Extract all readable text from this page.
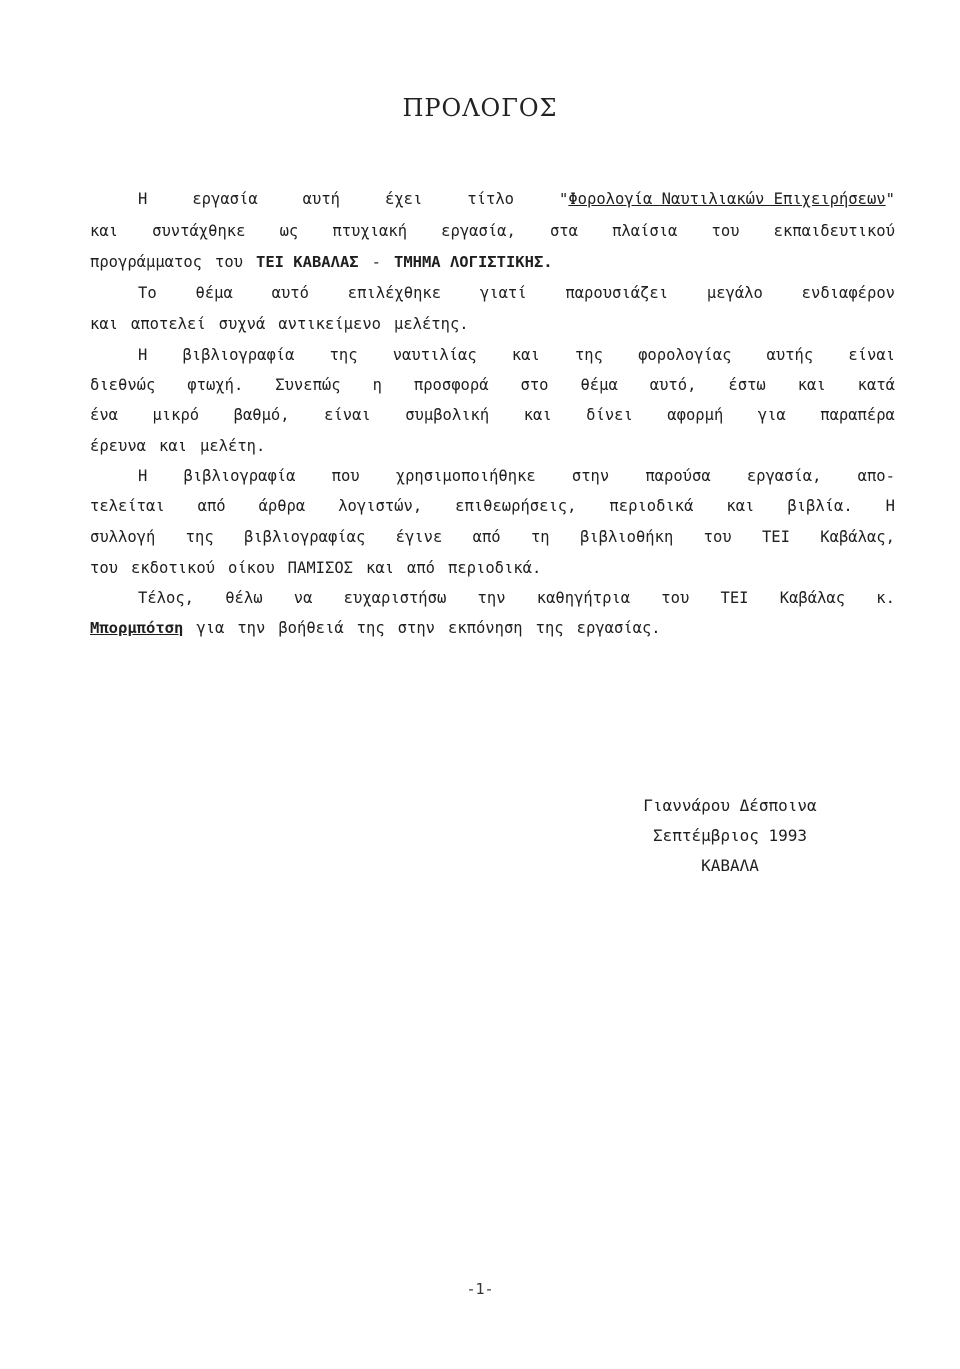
ΠΡΟΛΟΓΟΣ
Η	εργασία	αυτή	έχει	τίτλο	"Φορολογία Ναυτιλιακών Επιχειρήσεων"
και συντάχθηκε ως πτυχιακή εργασία, στα πλαίσια του εκπαιδευτικού
προγράμματος του ΤΕΙ ΚΑΒΑΛΑΣ - ΤΜΗΜΑ ΛΟΓΙΣΤΙΚΗΣ.
Το	θέμα	αυτό	επιλέχθηκε	γιατί	παρουσιάζει	μεγάλο	ενδιαφέρον
και αποτελεί συχνά αντικείμενο μελέτης.
Η βιβλιογραφία της ναυτιλίας και της φορολογίας αυτής είναι
διεθνώς φτωχή. Συνεπώς η προσφορά στο θέμα αυτό, έστω και κατά
ένα μικρό βαθμό, είναι συμβολική και δίνει αφορμή για παραπέρα
έρευνα και μελέτη.
Η βιβλιογραφία που χρησιμοποιήθηκε στην παρούσα εργασία, απο-
τελείται από άρθρα λογιστών, επιθεωρήσεις, περιοδικά και βιβλία. Η
συλλογή της βιβλιογραφίας έγινε από τη βιβλιοθήκη του ΤΕΙ Καβάλας,
του εκδοτικού οίκου ΠΑΜΙΣΟΣ και από περιοδικά.
Τέλος, θέλω να ευχαριστήσω την καθηγήτρια του ΤΕΙ Καβάλας κ.
Μπορμπότση για την βοήθειά της στην εκπόνηση της εργασίας.
Γιαννάρου Δέσποινα
Σεπτέμβριος 1993
ΚΑΒΑΛΑ
-1-
